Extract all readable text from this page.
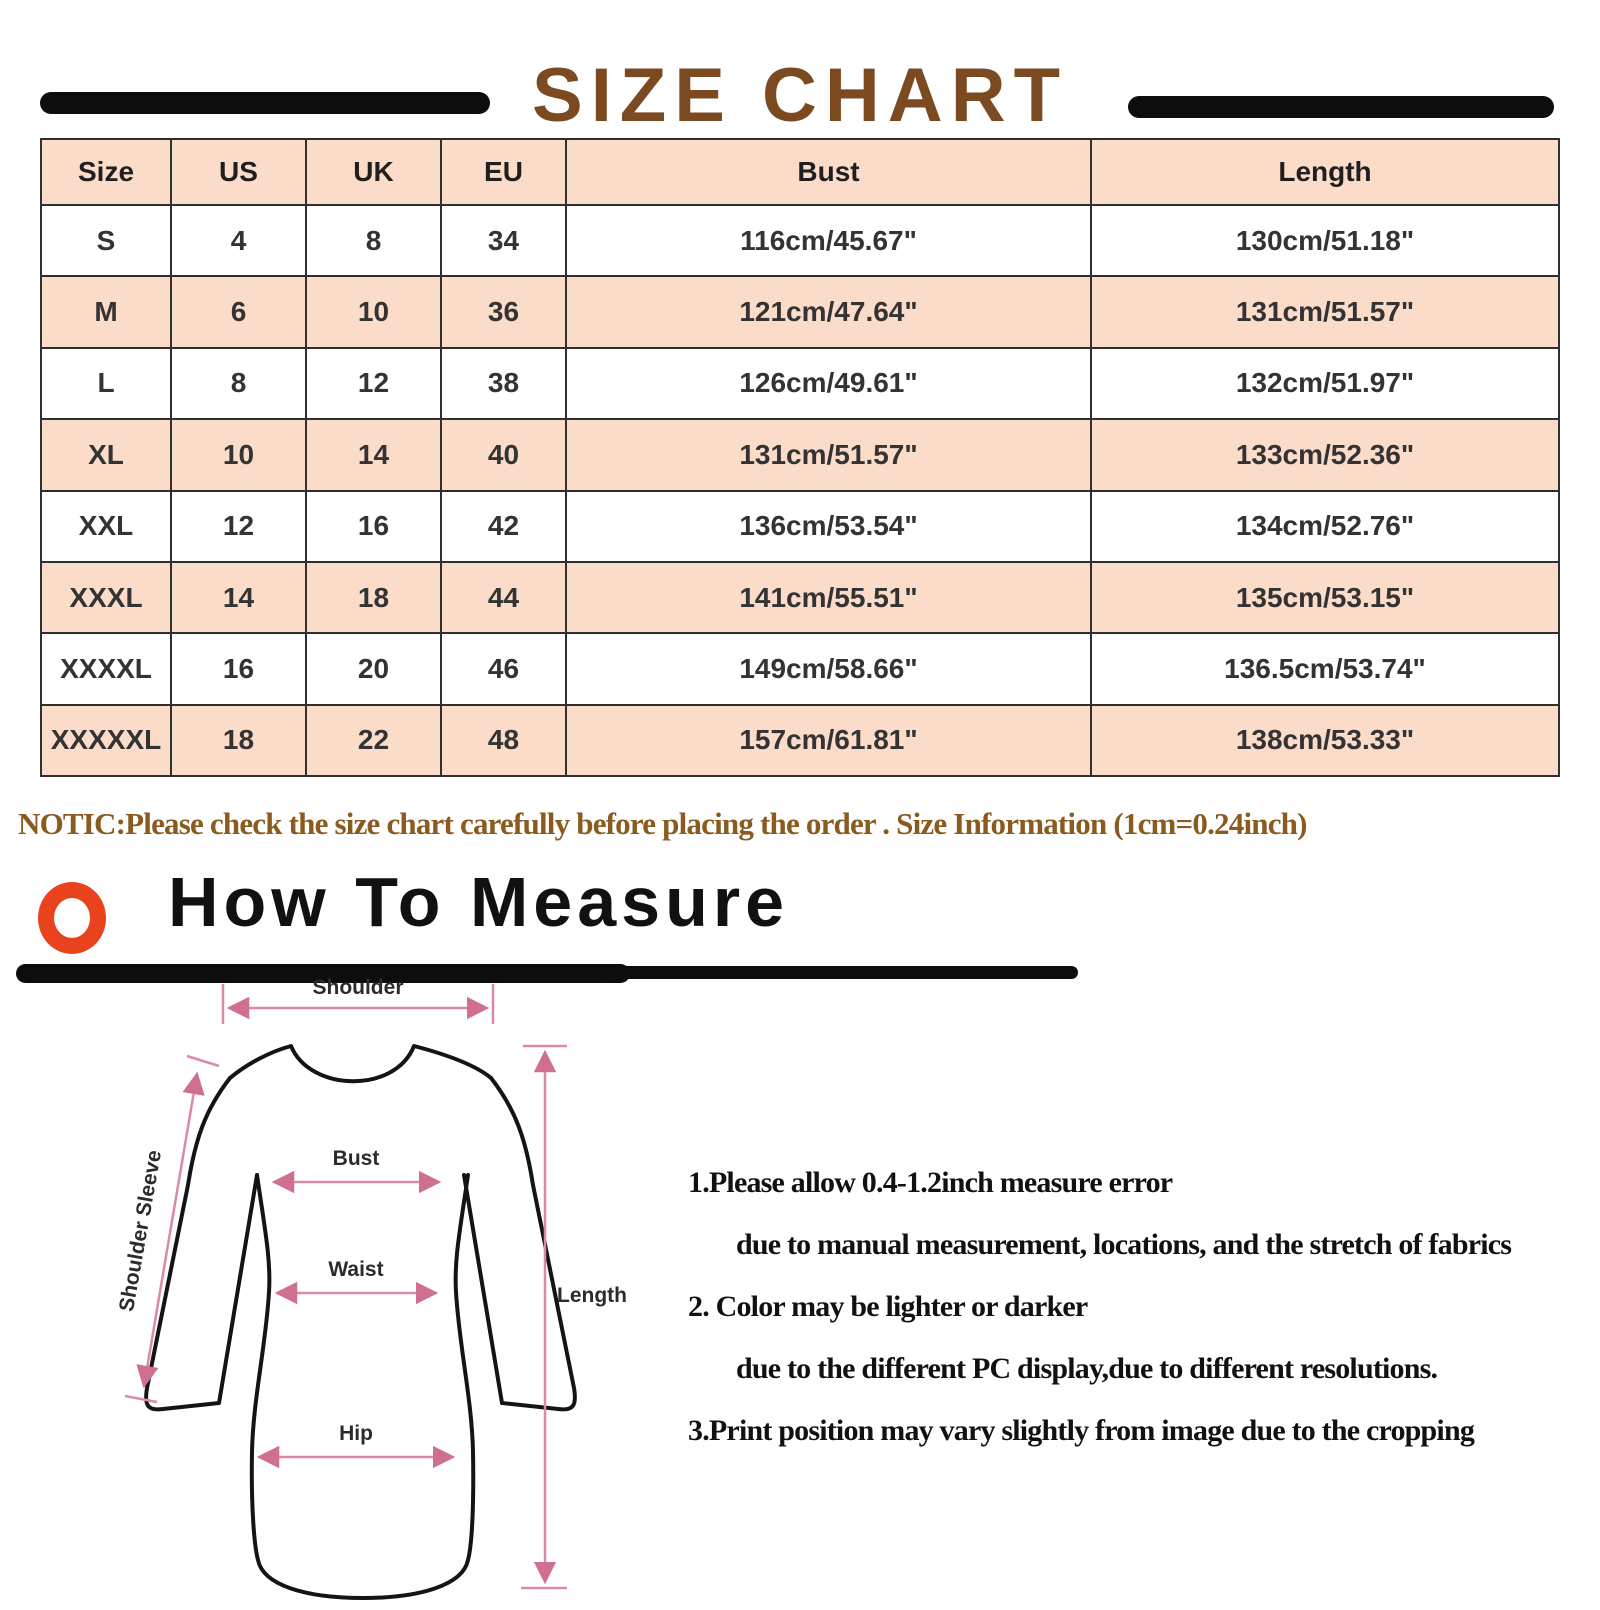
SIZE CHART
Size	US	UK	EU	Bust	Length
S	4	8	34	116cm/45.67"	130cm/51.18"
M	6	10	36	121cm/47.64"	131cm/51.57"
L	8	12	38	126cm/49.61"	132cm/51.97"
XL	10	14	40	131cm/51.57"	133cm/52.36"
XXL	12	16	42	136cm/53.54"	134cm/52.76"
XXXL	14	18	44	141cm/55.51"	135cm/53.15"
XXXXL	16	20	46	149cm/58.66"	136.5cm/53.74"
XXXXXL	18	22	48	157cm/61.81"	138cm/53.33"
NOTIC:Please check the size chart carefully before placing the order . Size Information (1cm=0.24inch)
How To Measure
Shoulder
Shoulder Sleeve	Bust
Waist
Hip
Length
1.Please allow 0.4-1.2inch measure error
due to manual measurement, locations, and the stretch of fabrics
2. Color may be lighter or darker
due to the different PC display,due to different resolutions.
3.Print position may vary slightly from image due to the cropping
